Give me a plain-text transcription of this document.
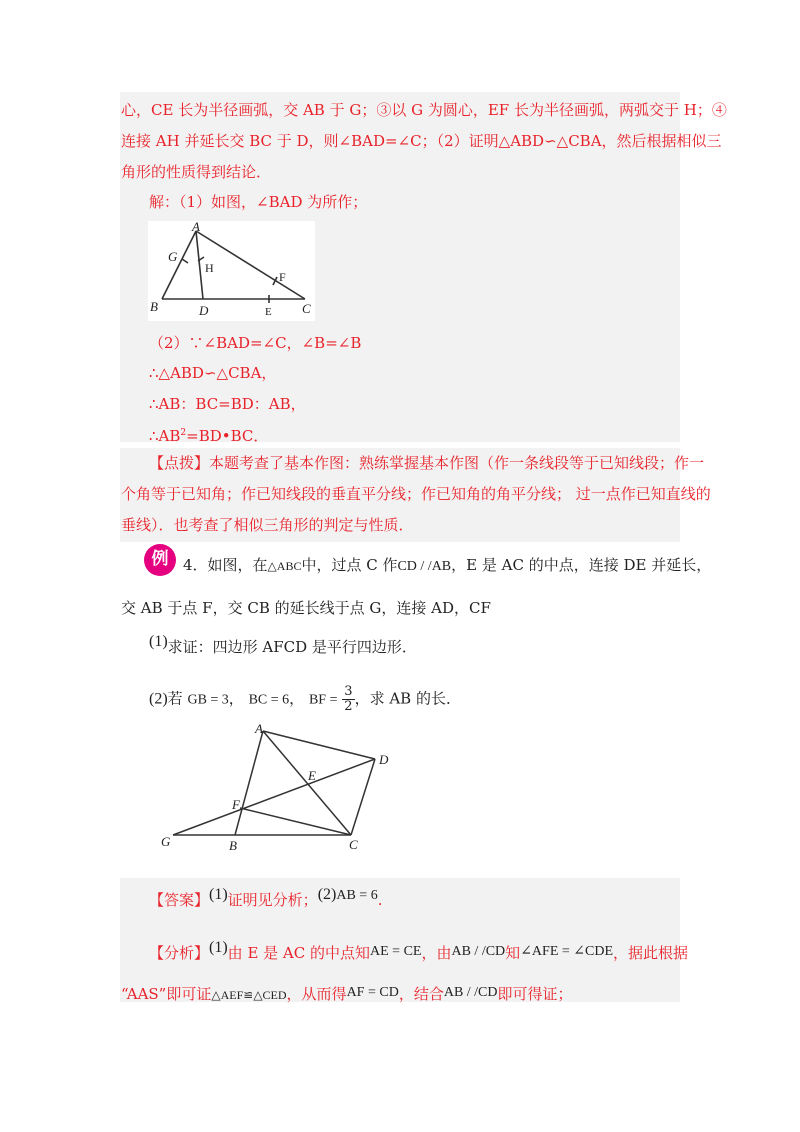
心，CE 长为半径画弧，交 AB 于 G；③以 G 为圆心，EF 长为半径画弧，两弧交于 H；④
连接 AH 并延长交 BC 于 D，则∠BAD=∠C；（2）证明△ABD∽△CBA，然后根据相似三
角形的性质得到结论．
解：（1）如图，∠BAD 为所作；
A
G
H
F
B	D	E C
（2）∵∠BAD=∠C，∠B=∠B
∴△ABD∽△CBA，
∴AB：BC=BD：AB，
$\therefore AB^2=BD•BC$．
【点拨】本题考查了基本作图：熟练掌握基本作图（作一条线段等于已知线段；作一
个角等于已知角；作已知线段的垂直平分线；作已知角的角平分线； 过一点作已知直线的
垂线）．也考查了相似三角形的判定与性质．
例 4．如图，在△ABC中，过点 C 作CD / /AB，E 是 AC 的中点，连接 DE 并延长，
交 AB 于点 F，交 CB 的延长线于点 G，连接 AD，CF
(1)求证：四边形 AFCD 是平行四边形．
(2)若 GB = 3， BC = 6， BF = $\frac{3}{2}$ ，求 AB 的长．
A
D
E
F
G	B	C
【答案】(1)证明见分析；(2)AB = 6.
【分析】(1)由 E 是 AC 的中点知AE = CE，由AB / /CD知∠AFE = ∠CDE，据此根据
“AAS”即可证△AEF≌△CED，从而得AF = CD，结合AB / /CD即可得证；
